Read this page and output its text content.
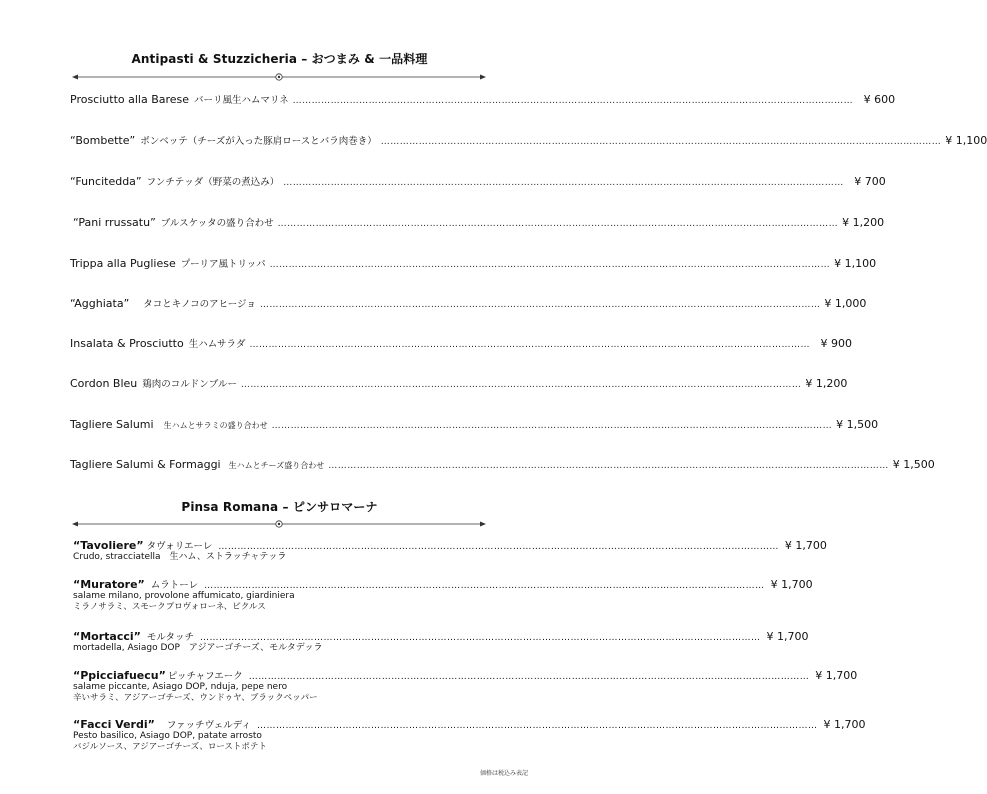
Antipasti & Stuzzicheria – おつまみ & 一品料理
Prosciutto alla Barese バーリ風生ハムマリネ …………………………………………………………………………………………………………………………………………………………… ¥ 600
“Bombette” ボンベッテ（チーズが入った豚肩ロースとバラ肉巻き） …………………………………………………………………………………………………………………………………………………………… ¥ 1,100
“Funcitedda” フンチテッダ（野菜の煮込み） …………………………………………………………………………………………………………………………………………………………… ¥ 700
“Pani rrussatu” ブルスケッタの盛り合わせ …………………………………………………………………………………………………………………………………………………………… ¥ 1,200
Trippa alla Pugliese プーリア風トリッパ …………………………………………………………………………………………………………………………………………………………… ¥ 1,100
“Agghiata” タコとキノコのアヒージョ …………………………………………………………………………………………………………………………………………………………… ¥ 1,000
Insalata & Prosciutto 生ハムサラダ …………………………………………………………………………………………………………………………………………………………… ¥ 900
Cordon Bleu 鶏肉のコルドンブルー …………………………………………………………………………………………………………………………………………………………… ¥ 1,200
Tagliere Salumi 生ハムとサラミの盛り合わせ …………………………………………………………………………………………………………………………………………………………… ¥ 1,500
Tagliere Salumi & Formaggi 生ハムとチーズ盛り合わせ …………………………………………………………………………………………………………………………………………………………… ¥ 1,500
Pinsa Romana – ピンサロマーナ
“Tavoliere” タヴォリエーレ …………………………………………………………………………………………………………………………………………………………… ¥ 1,700
Crudo, stracciatella　生ハム、ストラッチャテッラ
“Muratore” ムラトーレ …………………………………………………………………………………………………………………………………………………………… ¥ 1,700
salame milano, provolone affumicato, giardiniera
ミラノサラミ、スモークプロヴォローネ、ピクルス
“Mortacci” モルタッチ …………………………………………………………………………………………………………………………………………………………… ¥ 1,700
mortadella, Asiago DOP　アジアーゴチーズ、モルタデッラ
“Ppicciafuecu” ピッチャフエーク …………………………………………………………………………………………………………………………………………………………… ¥ 1,700
salame piccante, Asiago DOP, nduja, pepe nero
辛いサラミ、アジアーゴチーズ、ウンドゥヤ、ブラックペッパー
“Facci Verdi” ファッチヴェルディ …………………………………………………………………………………………………………………………………………………………… ¥ 1,700
Pesto basilico, Asiago DOP, patate arrosto
バジルソース、アジアーゴチーズ、ローストポテト
価格は税込み表記
